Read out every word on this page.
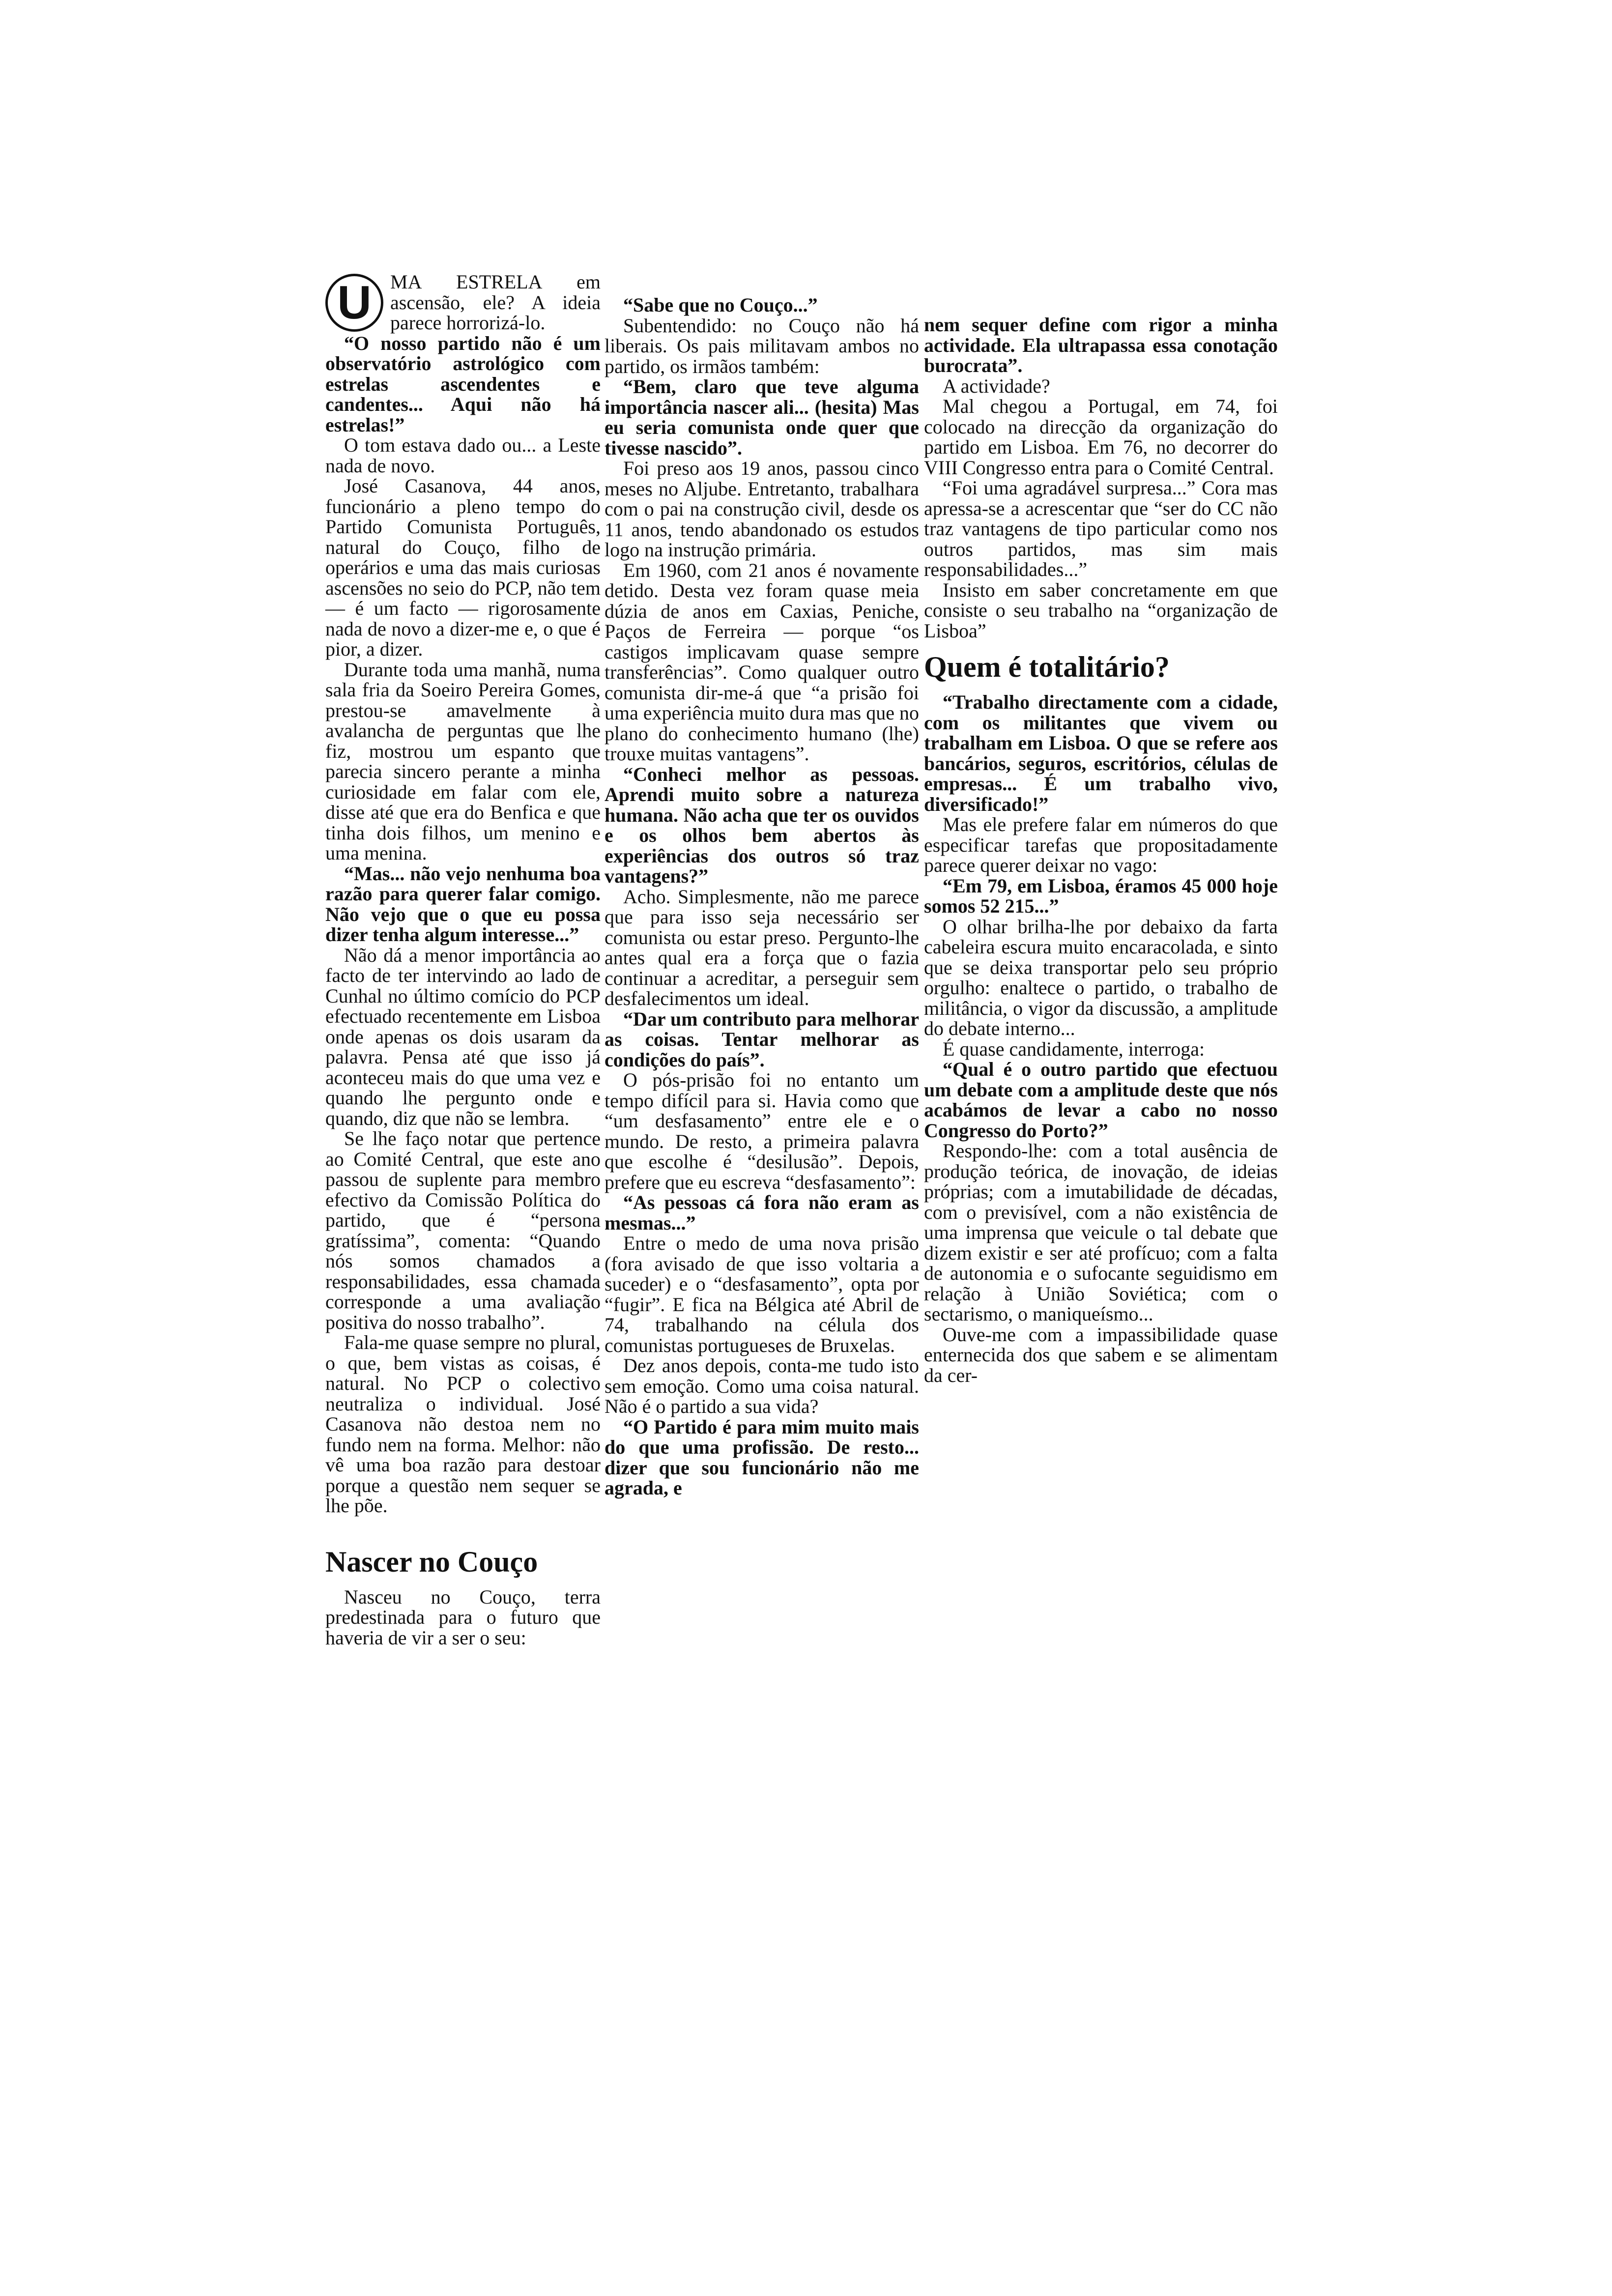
U MA ESTRELA em ascensão, ele? A ideia parece horrorizá-lo.

“O nosso partido não é um observatório astrológico com estrelas ascendentes e candentes... Aqui não há estrelas!”

O tom estava dado ou... a Leste nada de novo.

José Casanova, 44 anos, funcionário a pleno tempo do Partido Comunista Português, natural do Couço, filho de operários e uma das mais curiosas ascensões no seio do PCP, não tem — é um facto — rigorosamente nada de novo a dizer-me e, o que é pior, a dizer.

Durante toda uma manhã, numa sala fria da Soeiro Pereira Gomes, prestou-se amavelmente à avalancha de perguntas que lhe fiz, mostrou um espanto que parecia sincero perante a minha curiosidade em falar com ele, disse até que era do Benfica e que tinha dois filhos, um menino e uma menina.

“Mas... não vejo nenhuma boa razão para querer falar comigo. Não vejo que o que eu possa dizer tenha algum interesse...”

Não dá a menor importância ao facto de ter intervindo ao lado de Cunhal no último comício do PCP efectuado recentemente em Lisboa onde apenas os dois usaram da palavra. Pensa até que isso já aconteceu mais do que uma vez e quando lhe pergunto onde e quando, diz que não se lembra.

Se lhe faço notar que pertence ao Comité Central, que este ano passou de suplente para membro efectivo da Comissão Política do partido, que é “persona gratíssima”, comenta: “Quando nós somos chamados a responsabilidades, essa chamada corresponde a uma avaliação positiva do nosso trabalho”.

Fala-me quase sempre no plural, o que, bem vistas as coisas, é natural. No PCP o colectivo neutraliza o individual. José Casanova não destoa nem no fundo nem na forma. Melhor: não vê uma boa razão para destoar porque a questão nem sequer se lhe põe.

Nascer no Couço

Nasceu no Couço, terra predestinada para o futuro que haveria de vir a ser o seu:

“Sabe que no Couço...”

Subentendido: no Couço não há liberais. Os pais militavam ambos no partido, os irmãos também:

“Bem, claro que teve alguma importância nascer ali... (hesita) Mas eu seria comunista onde quer que tivesse nascido”.

Foi preso aos 19 anos, passou cinco meses no Aljube. Entretanto, trabalhara com o pai na construção civil, desde os 11 anos, tendo abandonado os estudos logo na instrução primária.

Em 1960, com 21 anos é novamente detido. Desta vez foram quase meia dúzia de anos em Caxias, Peniche, Paços de Ferreira — porque “os castigos implicavam quase sempre transferências”. Como qualquer outro comunista dir-me-á que “a prisão foi uma experiência muito dura mas que no plano do conhecimento humano (lhe) trouxe muitas vantagens”.

“Conheci melhor as pessoas. Aprendi muito sobre a natureza humana. Não acha que ter os ouvidos e os olhos bem abertos às experiências dos outros só traz vantagens?”

Acho. Simplesmente, não me parece que para isso seja necessário ser comunista ou estar preso. Pergunto-lhe antes qual era a força que o fazia continuar a acreditar, a perseguir sem desfalecimentos um ideal.

“Dar um contributo para melhorar as coisas. Tentar melhorar as condições do país”.

O pós-prisão foi no entanto um tempo difícil para si. Havia como que “um desfasamento” entre ele e o mundo. De resto, a primeira palavra que escolhe é “desilusão”. Depois, prefere que eu escreva “desfasamento”:

“As pessoas cá fora não eram as mesmas...”

Entre o medo de uma nova prisão (fora avisado de que isso voltaria a suceder) e o “desfasamento”, opta por “fugir”. E fica na Bélgica até Abril de 74, trabalhando na célula dos comunistas portugueses de Bruxelas.

Dez anos depois, conta-me tudo isto sem emoção. Como uma coisa natural. Não é o partido a sua vida?

“O Partido é para mim muito mais do que uma profissão. De resto... dizer que sou funcionário não me agrada, e

nem sequer define com rigor a minha actividade. Ela ultrapassa essa conotação burocrata”.

A actividade?

Mal chegou a Portugal, em 74, foi colocado na direcção da organização do partido em Lisboa. Em 76, no decorrer do VIII Congresso entra para o Comité Central.

“Foi uma agradável surpresa...” Cora mas apressa-se a acrescentar que “ser do CC não traz vantagens de tipo particular como nos outros partidos, mas sim mais responsabilidades...”

Insisto em saber concretamente em que consiste o seu trabalho na “organização de Lisboa”

Quem é totalitário?

“Trabalho directamente com a cidade, com os militantes que vivem ou trabalham em Lisboa. O que se refere aos bancários, seguros, escritórios, células de empresas... É um trabalho vivo, diversificado!”

Mas ele prefere falar em números do que especificar tarefas que propositadamente parece querer deixar no vago:

“Em 79, em Lisboa, éramos 45 000 hoje somos 52 215...”

O olhar brilha-lhe por debaixo da farta cabeleira escura muito encaracolada, e sinto que se deixa transportar pelo seu próprio orgulho: enaltece o partido, o trabalho de militância, o vigor da discussão, a amplitude do debate interno...

É quase candidamente, interroga:

“Qual é o outro partido que efectuou um debate com a amplitude deste que nós acabámos de levar a cabo no nosso Congresso do Porto?”

Respondo-lhe: com a total ausência de produção teórica, de inovação, de ideias próprias; com a imutabilidade de décadas, com o previsível, com a não existência de uma imprensa que veicule o tal debate que dizem existir e ser até profícuo; com a falta de autonomia e o sufocante seguidismo em relação à União Soviética; com o sectarismo, o maniqueísmo...

Ouve-me com a impassibilidade quase enternecida dos que sabem e se alimentam da cer-
